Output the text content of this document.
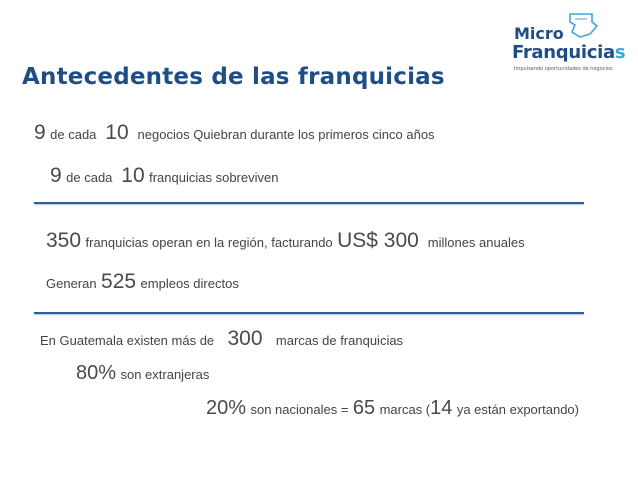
Micro
Franquicias
Impulsando oportunidades de negocios
Antecedentes de las franquicias
9 de cada 10 negocios Quiebran durante los primeros cinco años
9 de cada 10 franquicias sobreviven
350 franquicias operan en la región, facturando US$ 300 millones anuales
Generan 525 empleos directos
En Guatemala existen más de 300 marcas de franquicias
80% son extranjeras
20% son nacionales = 65 marcas (14 ya están exportando)
